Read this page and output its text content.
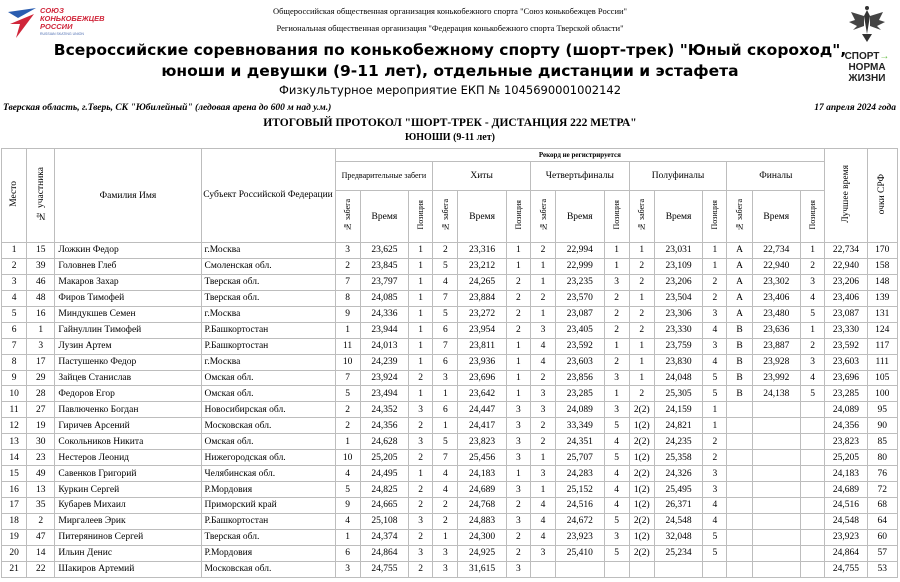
СОЮЗ
КОНЬКОБЕЖЦЕВ
РОССИИ
RUSSIAN SKATING UNION
СПОРТ→
НОРМА
ЖИЗНИ
Общероссийская общественная организация конькобежного спорта "Союз конькобежцев России"
Региональная общественная организация "Федерация конькобежного спорта Тверской области"
Всероссийские соревнования по конькобежному спорту (шорт-трек) "Юный скороход",
юноши и девушки (9-11 лет), отдельные дистанции и эстафета
Физкультурное мероприятие ЕКП № 1045690001002142
Тверская область, г.Тверь, СК "Юбилейный" (ледовая арена до 600 м над у.м.)	17 апреля 2024 года
ИТОГОВЫЙ ПРОТОКОЛ "ШОРТ-ТРЕК - ДИСТАНЦИЯ 222 МЕТРА"
ЮНОШИ (9-11 лет)
Место	№ участника	Фамилия Имя	Субъект Российской Федерации	Рекорд не регистрируется															Лучшее время	очки СРФ
				Предварительные забеги			Хиты			Четвертьфиналы			Полуфиналы			Финалы				
				№ забега	Время	Позиция	№ забега	Время	Позиция	№ забега	Время	Позиция	№ забега	Время	Позиция	№ забега	Время	Позиция		
1	15	Ложкин Федор	г.Москва	3	23,625	1	2	23,316	1	2	22,994	1	1	23,031	1	A	22,734	1	22,734	170
2	39	Головнев Глеб	Смоленская обл.	2	23,845	1	5	23,212	1	1	22,999	1	2	23,109	1	A	22,940	2	22,940	158
3	46	Макаров Захар	Тверская обл.	7	23,797	1	4	24,265	2	1	23,235	3	2	23,206	2	A	23,302	3	23,206	148
4	48	Фиров Тимофей	Тверская обл.	8	24,085	1	7	23,884	2	2	23,570	2	1	23,504	2	A	23,406	4	23,406	139
5	16	Миндукшев Семен	г.Москва	9	24,336	1	5	23,272	2	1	23,087	2	2	23,306	3	A	23,480	5	23,087	131
6	1	Гайнуллин Тимофей	Р.Башкортостан	1	23,944	1	6	23,954	2	3	23,405	2	2	23,330	4	B	23,636	1	23,330	124
7	3	Лузин Артем	Р.Башкортостан	11	24,013	1	7	23,811	1	4	23,592	1	1	23,759	3	B	23,887	2	23,592	117
8	17	Пастушенко Федор	г.Москва	10	24,239	1	6	23,936	1	4	23,603	2	1	23,830	4	B	23,928	3	23,603	111
9	29	Зайцев Станислав	Омская обл.	7	23,924	2	3	23,696	1	2	23,856	3	1	24,048	5	B	23,992	4	23,696	105
10	28	Федоров Егор	Омская обл.	5	23,494	1	1	23,642	1	3	23,285	1	2	25,305	5	B	24,138	5	23,285	100
11	27	Павлюченко Богдан	Новосибирская обл.	2	24,352	3	6	24,447	3	3	24,089	3	2(2)	24,159	1				24,089	95
12	19	Гиричев Арсений	Московская обл.	2	24,356	2	1	24,417	3	2	33,349	5	1(2)	24,821	1				24,356	90
13	30	Сокольников Никита	Омская обл.	1	24,628	3	5	23,823	3	2	24,351	4	2(2)	24,235	2				23,823	85
14	23	Нестеров Леонид	Нижегородская обл.	10	25,205	2	7	25,456	3	1	25,707	5	1(2)	25,358	2				25,205	80
15	49	Савенков Григорий	Челябинская обл.	4	24,495	1	4	24,183	1	3	24,283	4	2(2)	24,326	3				24,183	76
16	13	Куркин Сергей	Р.Мордовия	5	24,825	2	4	24,689	3	1	25,152	4	1(2)	25,495	3				24,689	72
17	35	Кубарев Михаил	Приморский край	9	24,665	2	2	24,768	2	4	24,516	4	1(2)	26,371	4				24,516	68
18	2	Миргалеев Эрик	Р.Башкортостан	4	25,108	3	2	24,883	3	4	24,672	5	2(2)	24,548	4				24,548	64
19	47	Питерянинов Сергей	Тверская обл.	1	24,374	2	1	24,300	2	4	23,923	3	1(2)	32,048	5				23,923	60
20	14	Ильин Денис	Р.Мордовия	6	24,864	3	3	24,925	2	3	25,410	5	2(2)	25,234	5				24,864	57
21	22	Шакиров Артемий	Московская обл.	3	24,755	2	3	31,615	3										24,755	53
